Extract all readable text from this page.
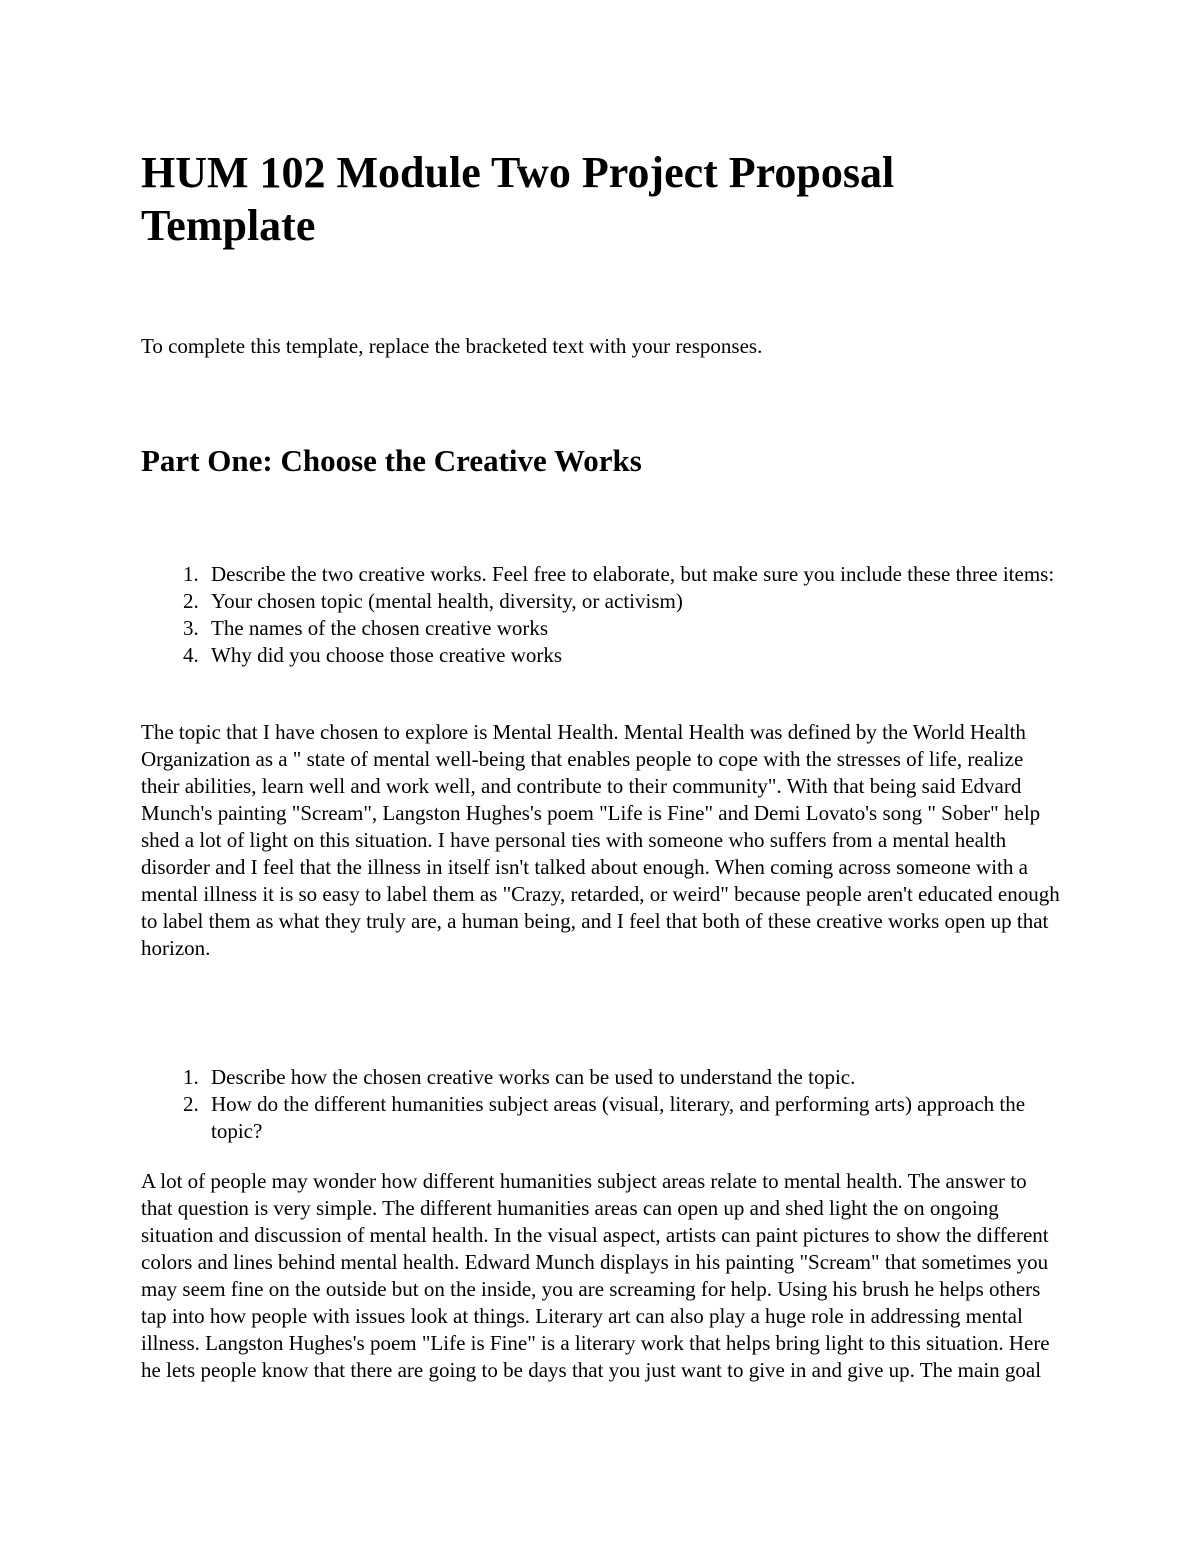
HUM 102 Module Two Project Proposal Template

To complete this template, replace the bracketed text with your responses.

Part One: Choose the Creative Works
1. Describe the two creative works. Feel free to elaborate, but make sure you include these three items:
2. Your chosen topic (mental health, diversity, or activism)
3. The names of the chosen creative works
4. Why did you choose those creative works

The topic that I have chosen to explore is Mental Health. Mental Health was defined by the World Health Organization as a " state of mental well-being that enables people to cope with the stresses of life, realize their abilities, learn well and work well, and contribute to their community". With that being said Edvard Munch's painting "Scream", Langston Hughes's poem "Life is Fine" and Demi Lovato's song " Sober" help shed a lot of light on this situation. I have personal ties with someone who suffers from a mental health disorder and I feel that the illness in itself isn't talked about enough. When coming across someone with a mental illness it is so easy to label them as "Crazy, retarded, or weird" because people aren't educated enough to label them as what they truly are, a human being, and I feel that both of these creative works open up that horizon.

1. Describe how the chosen creative works can be used to understand the topic.
2. How do the different humanities subject areas (visual, literary, and performing arts) approach the topic?

A lot of people may wonder how different humanities subject areas relate to mental health. The answer to that question is very simple. The different humanities areas can open up and shed light the on ongoing situation and discussion of mental health. In the visual aspect, artists can paint pictures to show the different colors and lines behind mental health. Edward Munch displays in his painting "Scream" that sometimes you may seem fine on the outside but on the inside, you are screaming for help. Using his brush he helps others tap into how people with issues look at things. Literary art can also play a huge role in addressing mental illness. Langston Hughes's poem "Life is Fine" is a literary work that helps bring light to this situation. Here he lets people know that there are going to be days that you just want to give in and give up. The main goal
